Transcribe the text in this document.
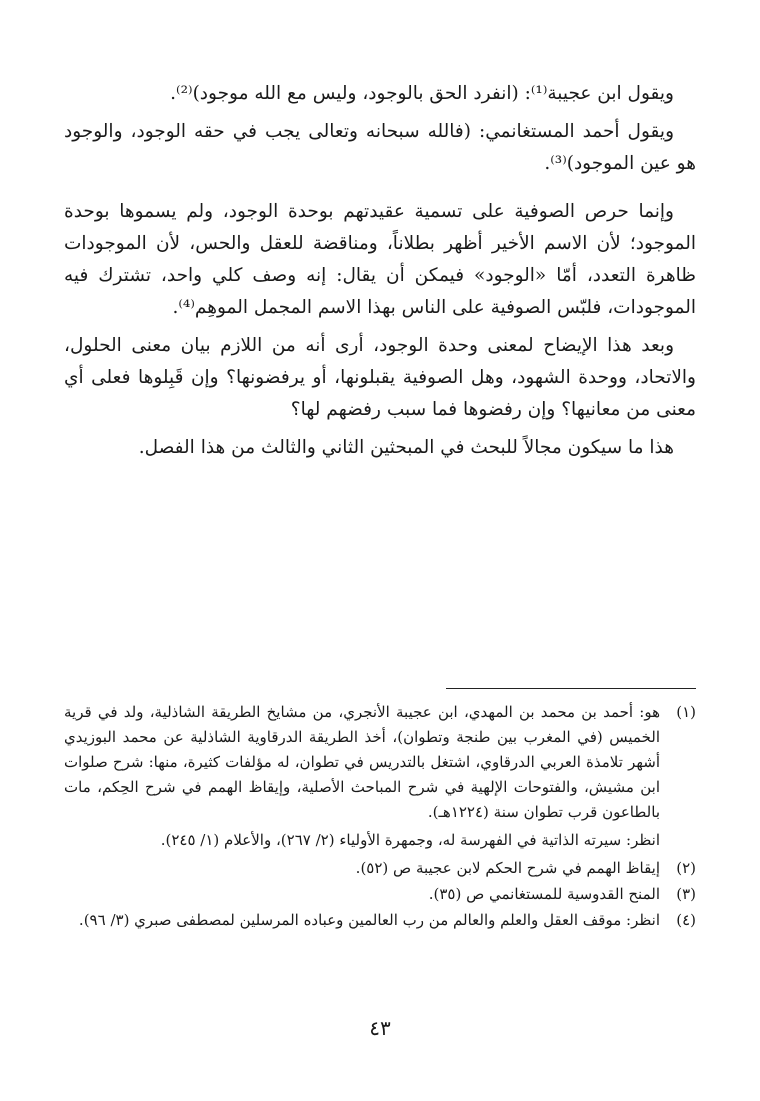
ويقول ابن عجيبة⁽¹⁾: (انفرد الحق بالوجود، وليس مع الله موجود)⁽²⁾.

ويقول أحمد المستغانمي: (فالله سبحانه وتعالى يجب في حقه الوجود، والوجود هو عين الموجود)⁽³⁾.

وإنما حرص الصوفية على تسمية عقيدتهم بوحدة الوجود، ولم يسموها بوحدة الموجود؛ لأن الاسم الأخير أظهر بطلاناً، ومناقضة للعقل والحس، لأن الموجودات ظاهرة التعدد، أمّا «الوجود» فيمكن أن يقال: إنه وصف كلي واحد، تشترك فيه الموجودات، فلبّس الصوفية على الناس بهذا الاسم المجمل الموهِم⁽⁴⁾.

وبعد هذا الإيضاح لمعنى وحدة الوجود، أرى أنه من اللازم بيان معنى الحلول، والاتحاد، ووحدة الشهود، وهل الصوفية يقبلونها، أو يرفضونها؟ وإن قَبِلوها فعلى أي معنى من معانيها؟ وإن رفضوها فما سبب رفضهم لها؟

هذا ما سيكون مجالاً للبحث في المبحثين الثاني والثالث من هذا الفصل.

(١)
هو: أحمد بن محمد بن المهدي، ابن عجيبة الأنجري، من مشايخ الطريقة الشاذلية، ولد في قرية الخميس (في المغرب بين طنجة وتطوان)، أخذ الطريقة الدرقاوية الشاذلية عن محمد البوزيدي أشهر تلامذة العربي الدرقاوي، اشتغل بالتدريس في تطوان، له مؤلفات كثيرة، منها: شرح صلوات ابن مشيش، والفتوحات الإلهية في شرح المباحث الأصلية، وإيقاظ الهمم في شرح الحِكم، مات بالطاعون قرب تطوان سنة (١٢٢٤هـ).
انظر: سيرته الذاتية في الفهرسة له، وجمهرة الأولياء (٢/ ٢٦٧)، والأعلام (١/ ٢٤٥).
(٢)
إيقاظ الهمم في شرح الحكم لابن عجيبة ص (٥٢).
(٣)
المنح القدوسية للمستغانمي ص (٣٥).
(٤)
انظر: موقف العقل والعلم والعالم من رب العالمين وعباده المرسلين لمصطفى صبري (٣/ ٩٦).
٤٣
